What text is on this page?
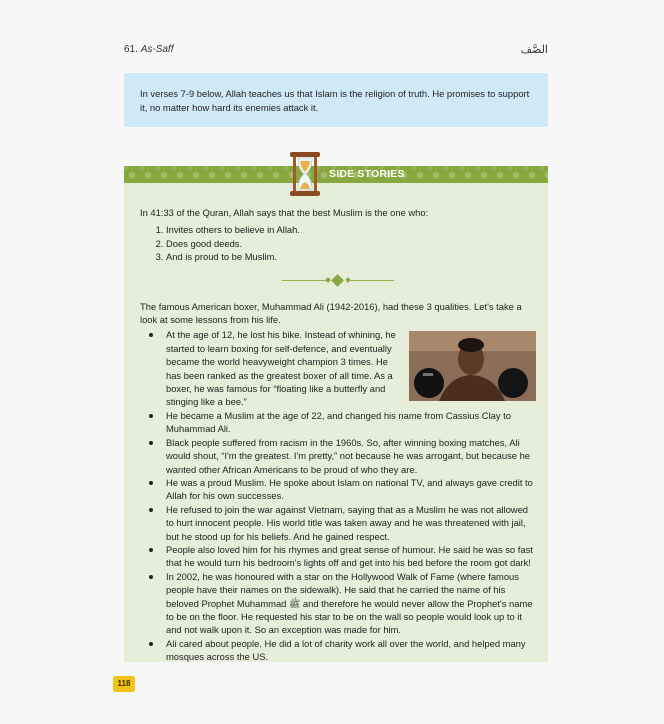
61. As-Saff	الصَّف
In verses 7-9 below, Allah teaches us that Islam is the religion of truth. He promises to support it, no matter how hard its enemies attack it.
SIDE STORIES

In 41:33 of the Quran, Allah says that the best Muslim is the one who:

1. Invites others to believe in Allah.
2. Does good deeds.
3. And is proud to be Muslim.

The famous American boxer, Muhammad Ali (1942-2016), had these 3 qualities. Let's take a look at some lessons from his life.

At the age of 12, he lost his bike. Instead of whining, he started to learn boxing for self-defence, and eventually became the world heavyweight champion 3 times. He has been ranked as the greatest boxer of all time. As a boxer, he was famous for “floating like a butterfly and stinging like a bee.”
He became a Muslim at the age of 22, and changed his name from Cassius Clay to Muhammad Ali.
Black people suffered from racism in the 1960s. So, after winning boxing matches, Ali would shout, “I'm the greatest. I'm pretty,” not because he was arrogant, but because he wanted other African Americans to be proud of who they are.
He was a proud Muslim. He spoke about Islam on national TV, and always gave credit to Allah for his own successes.
He refused to join the war against Vietnam, saying that as a Muslim he was not allowed to hurt innocent people. His world title was taken away and he was threatened with jail, but he stood up for his beliefs. And he gained respect.
People also loved him for his rhymes and great sense of humour. He said he was so fast that he would turn his bedroom's lights off and get into his bed before the room got dark!
In 2002, he was honoured with a star on the Hollywood Walk of Fame (where famous people have their names on the sidewalk). He said that he carried the name of his beloved Prophet Muhammad ﷺ and therefore he would never allow the Prophet's name to be on the floor. He requested his star to be on the wall so people would look up to it and not walk upon it. So an exception was made for him.
Ali cared about people. He did a lot of charity work all over the world, and helped many mosques across the US.
118
